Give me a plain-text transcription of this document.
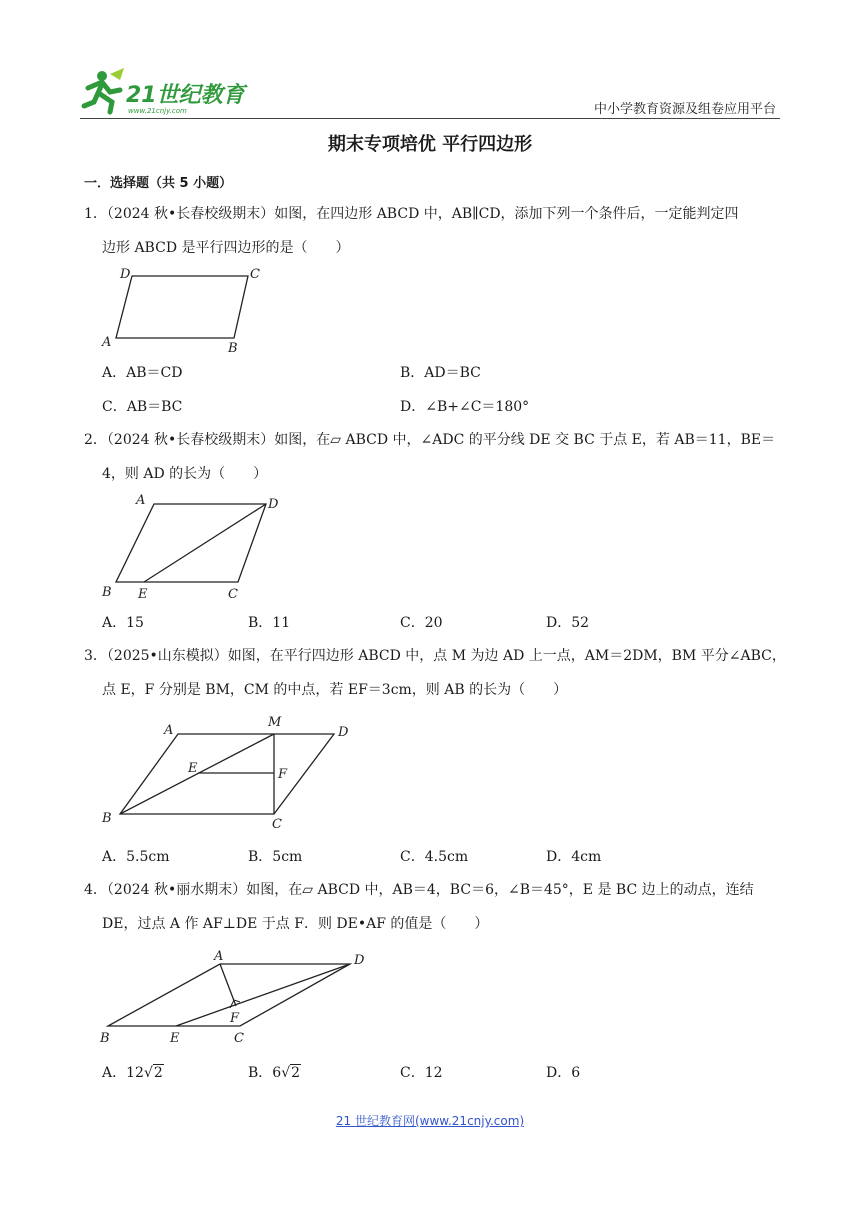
21世纪教育
www.21cnjy.com	中小学教育资源及组卷应用平台
期末专项培优 平行四边形
一．选择题（共 5 小题）
1．（2024 秋•长春校级期末）如图，在四边形 ABCD 中，AB∥CD，添加下列一个条件后，一定能判定四
边形 ABCD 是平行四边形的是（　　）
D	C
A	B
A．AB＝CD	B．AD＝BC
C．AB＝BC	D．∠B+∠C＝180°
2．（2024 秋•长春校级期末）如图，在▱ ABCD 中，∠ADC 的平分线 DE 交 BC 于点 E，若 AB＝11，BE＝
4，则 AD 的长为（　　）
A	D
B E	C
A．15	B．11	C．20	D．52
3．（2025•山东模拟）如图，在平行四边形 ABCD 中，点 M 为边 AD 上一点，AM＝2DM，BM 平分∠ABC，
点 E，F 分别是 BM，CM 的中点，若 EF＝3cm，则 AB 的长为（　　）
A
M
D
E	F
B	C
A．5.5cm	B．5cm	C．4.5cm	D．4cm
4．（2024 秋•丽水期末）如图，在▱ ABCD 中，AB＝4，BC＝6，∠B＝45°，E 是 BC 边上的动点，连结
DE，过点 A 作 AF⊥DE 于点 F．则 DE•AF 的值是（　　）
A	D
F
B	E	C
A．12√2	B．6√2	C．12	D．6
21 世纪教育网(www.21cnjy.com)
